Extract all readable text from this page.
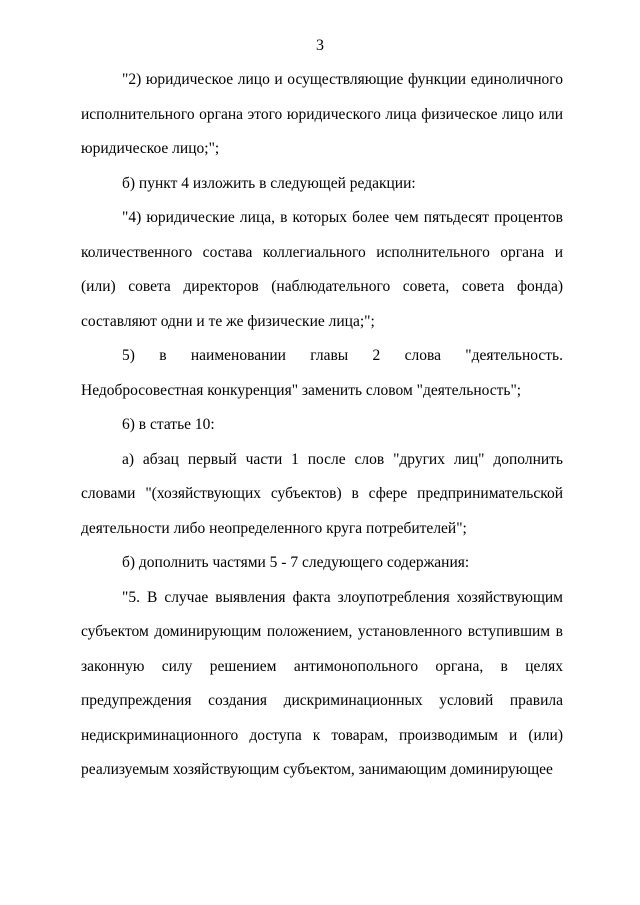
3

"2) юридическое лицо и осуществляющие функции единоличного исполнительного органа этого юридического лица физическое лицо или юридическое лицо;";

б) пункт 4 изложить в следующей редакции:

"4) юридические лица, в которых более чем пятьдесят процентов количественного состава коллегиального исполнительного органа и (или) совета директоров (наблюдательного совета, совета фонда) составляют одни и те же физические лица;";

5) в наименовании главы 2 слова "деятельность. Недобросовестная конкуренция" заменить словом "деятельность";

6) в статье 10:

а) абзац первый части 1 после слов "других лиц" дополнить словами "(хозяйствующих субъектов) в сфере предпринимательской деятельности либо неопределенного круга потребителей";

б) дополнить частями 5 - 7 следующего содержания:

"5. В случае выявления факта злоупотребления хозяйствующим субъектом доминирующим положением, установленного вступившим в законную силу решением антимонопольного органа, в целях предупреждения создания дискриминационных условий правила недискриминационного доступа к товарам, производимым и (или) реализуемым хозяйствующим субъектом, занимающим доминирующее
